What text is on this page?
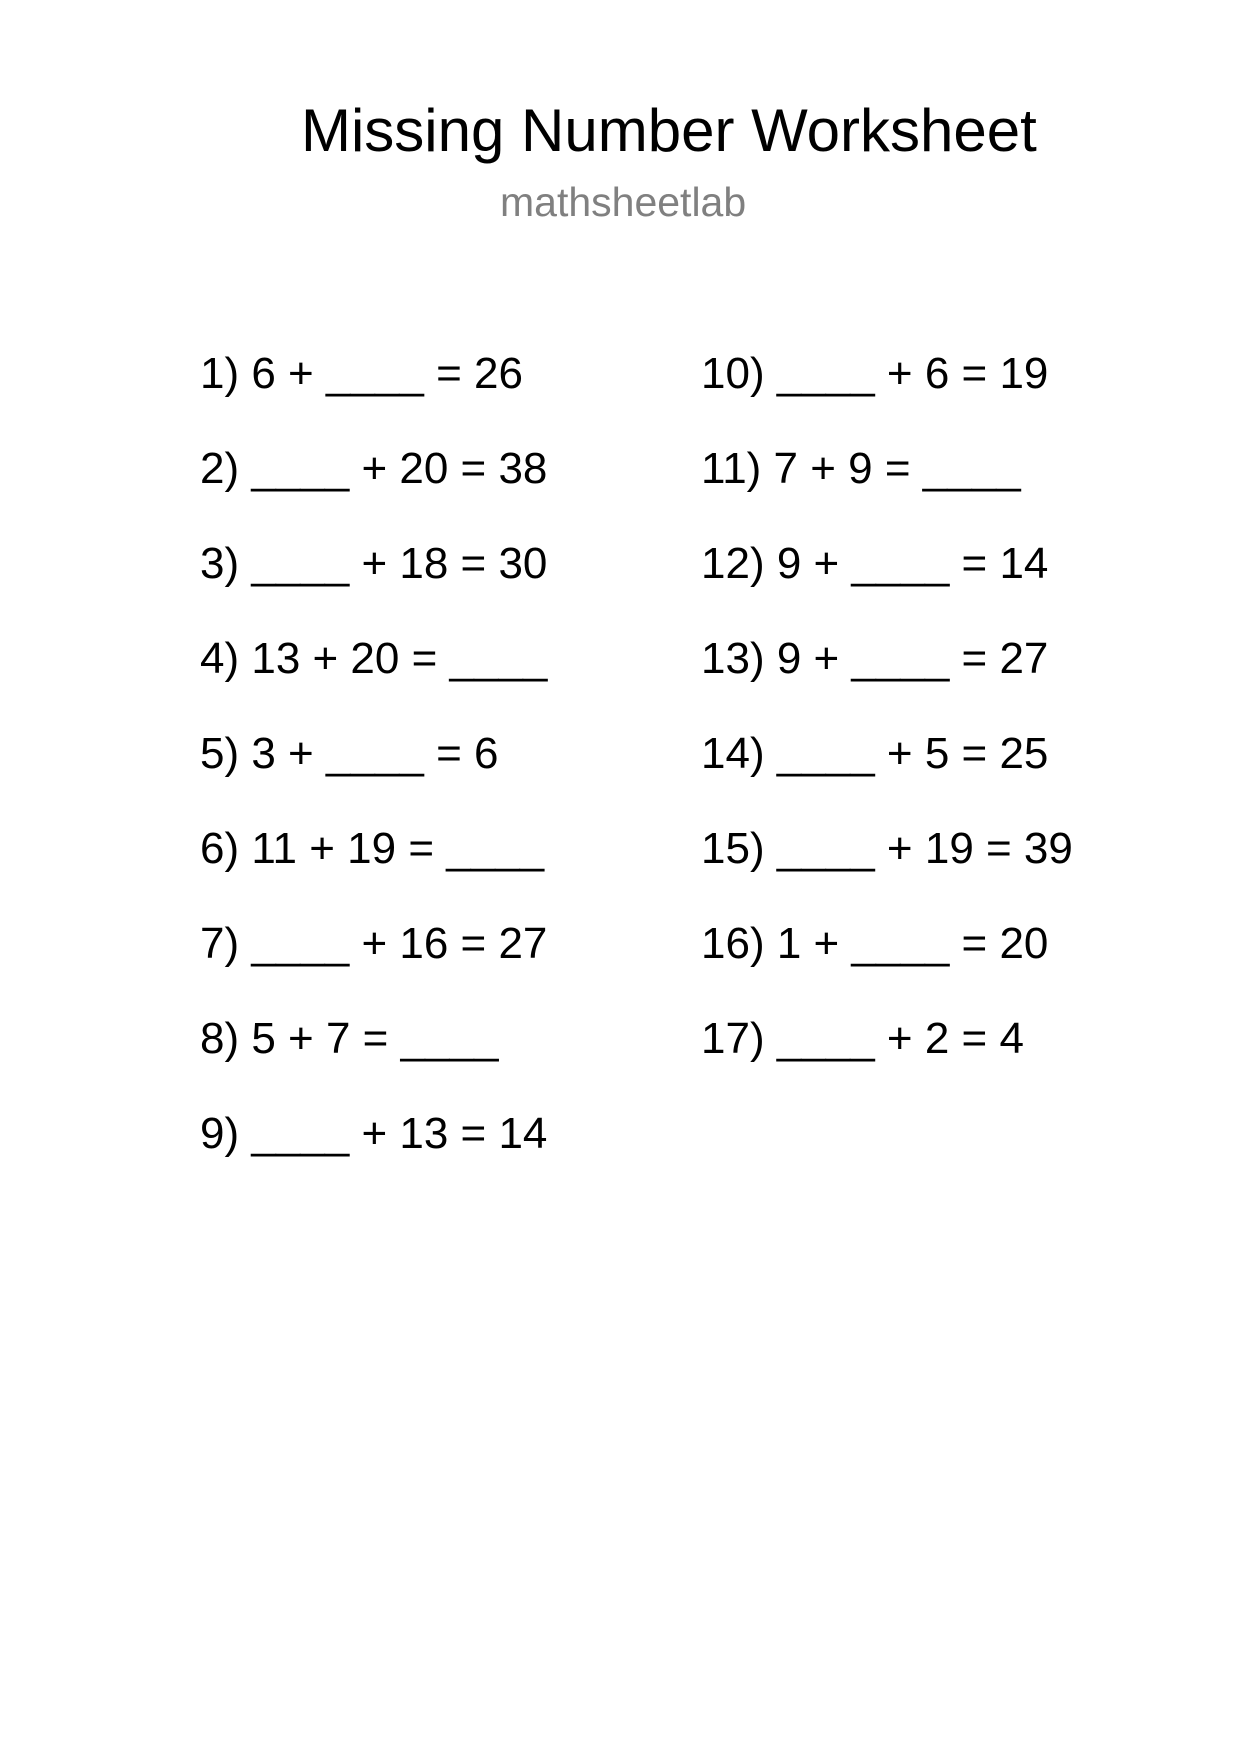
Missing Number Worksheet
mathsheetlab
1) 6 + ____ = 26
2) ____ + 20 = 38
3) ____ + 18 = 30
4) 13 + 20 = ____
5) 3 + ____ = 6
6) 11 + 19 = ____
7) ____ + 16 = 27
8) 5 + 7 = ____
9) ____ + 13 = 14
10) ____ + 6 = 19
11) 7 + 9 = ____
12) 9 + ____ = 14
13) 9 + ____ = 27
14) ____ + 5 = 25
15) ____ + 19 = 39
16) 1 + ____ = 20
17) ____ + 2 = 4
